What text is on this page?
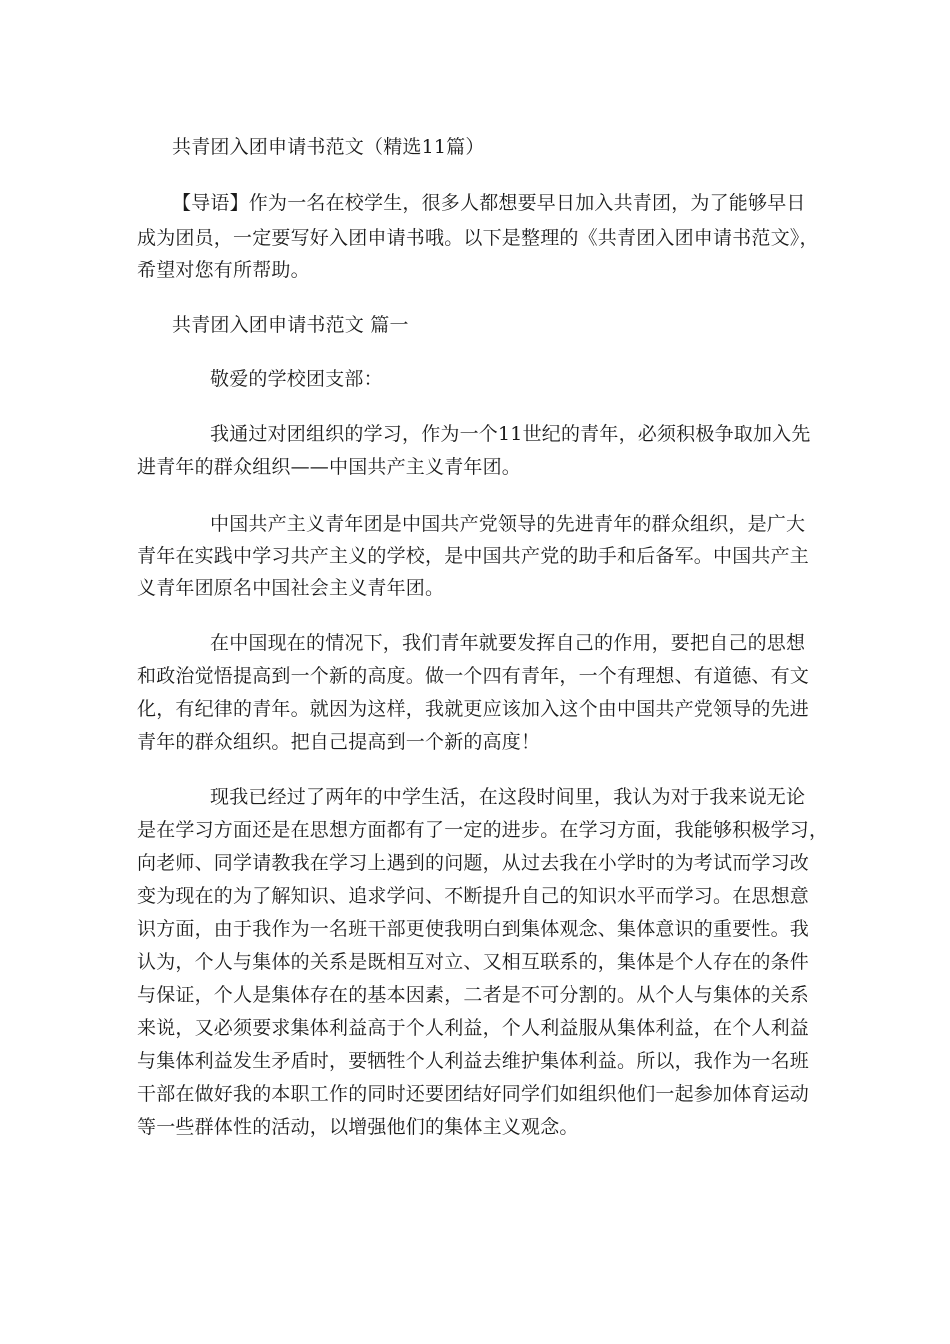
共青团入团申请书范文（精选11篇）
【导语】作为一名在校学生，很多人都想要早日加入共青团，为了能够早日
成为团员，一定要写好入团申请书哦。以下是整理的《共青团入团申请书范文》，
希望对您有所帮助。
共青团入团申请书范文 篇一
敬爱的学校团支部：
我通过对团组织的学习，作为一个11世纪的青年，必须积极争取加入先
进青年的群众组织——中国共产主义青年团。
中国共产主义青年团是中国共产党领导的先进青年的群众组织，是广大
青年在实践中学习共产主义的学校，是中国共产党的助手和后备军。中国共产主
义青年团原名中国社会主义青年团。
在中国现在的情况下，我们青年就要发挥自己的作用，要把自己的思想
和政治觉悟提高到一个新的高度。做一个四有青年，一个有理想、有道德、有文
化，有纪律的青年。就因为这样，我就更应该加入这个由中国共产党领导的先进
青年的群众组织。把自己提高到一个新的高度！
现我已经过了两年的中学生活，在这段时间里，我认为对于我来说无论
是在学习方面还是在思想方面都有了一定的进步。在学习方面，我能够积极学习，
向老师、同学请教我在学习上遇到的问题，从过去我在小学时的为考试而学习改
变为现在的为了解知识、追求学问、不断提升自己的知识水平而学习。在思想意
识方面，由于我作为一名班干部更使我明白到集体观念、集体意识的重要性。我
认为，个人与集体的关系是既相互对立、又相互联系的，集体是个人存在的条件
与保证，个人是集体存在的基本因素，二者是不可分割的。从个人与集体的关系
来说，又必须要求集体利益高于个人利益，个人利益服从集体利益，在个人利益
与集体利益发生矛盾时，要牺牲个人利益去维护集体利益。所以，我作为一名班
干部在做好我的本职工作的同时还要团结好同学们如组织他们一起参加体育运动
等一些群体性的活动，以增强他们的集体主义观念。
